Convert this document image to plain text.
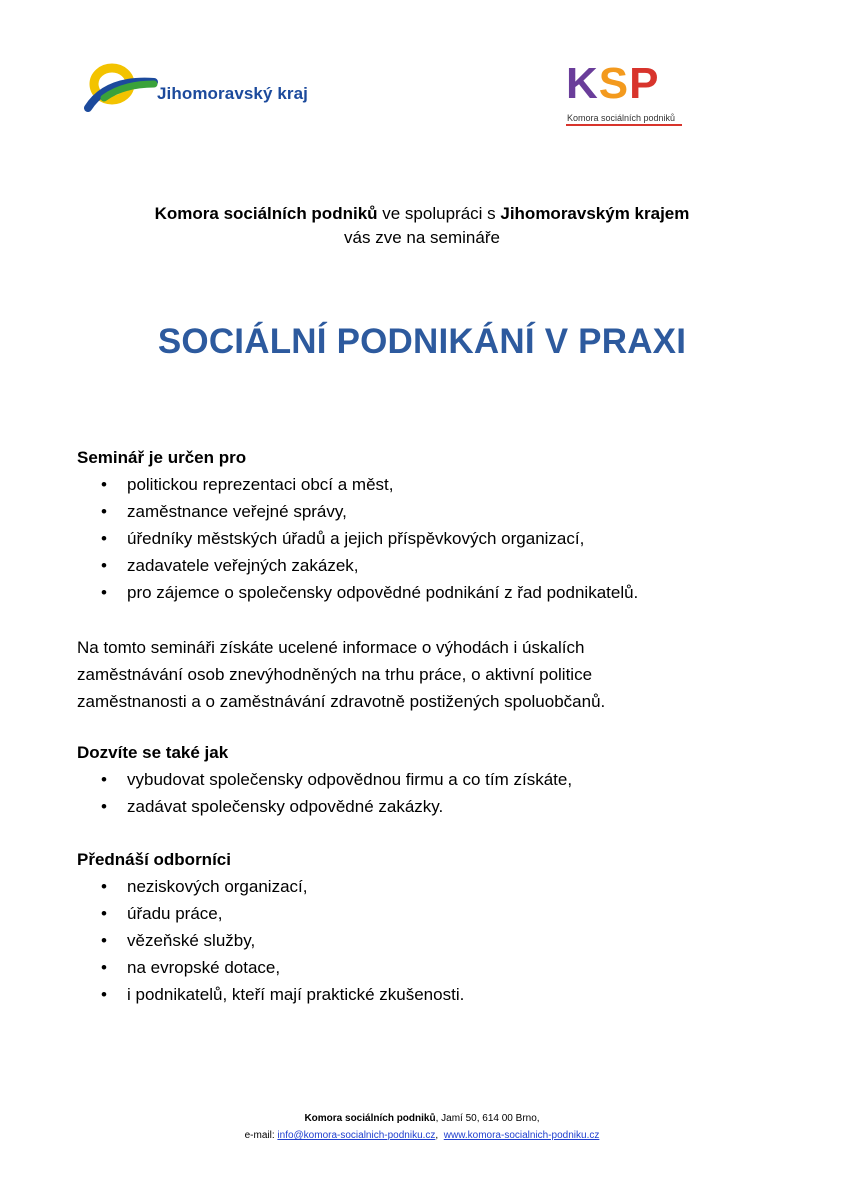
Jihomoravský kraj	KSP
Komora sociálních podniků
Komora sociálních podniků ve spolupráci s Jihomoravským krajem
vás zve na semináře
SOCIÁLNÍ PODNIKÁNÍ V PRAXI
Seminář je určen pro
• politickou reprezentaci obcí a měst,
• zaměstnance veřejné správy,
• úředníky městských úřadů a jejich příspěvkových organizací,
• zadavatele veřejných zakázek,
• pro zájemce o společensky odpovědné podnikání z řad podnikatelů.
Na tomto semináři získáte ucelené informace o výhodách i úskalích
zaměstnávání osob znevýhodněných na trhu práce, o aktivní politice
zaměstnanosti a o zaměstnávání zdravotně postižených spoluobčanů.
Dozvíte se také jak
• vybudovat společensky odpovědnou firmu a co tím získáte,
• zadávat společensky odpovědné zakázky.
Přednáší odborníci
• neziskových organizací,
• úřadu práce,
• vězeňské služby,
• na evropské dotace,
• i podnikatelů, kteří mají praktické zkušenosti.
Komora sociálních podniků, Jamí 50, 614 00 Brno,
e-mail: info@komora-socialnich-podniku.cz,  www.komora-socialnich-podniku.cz
